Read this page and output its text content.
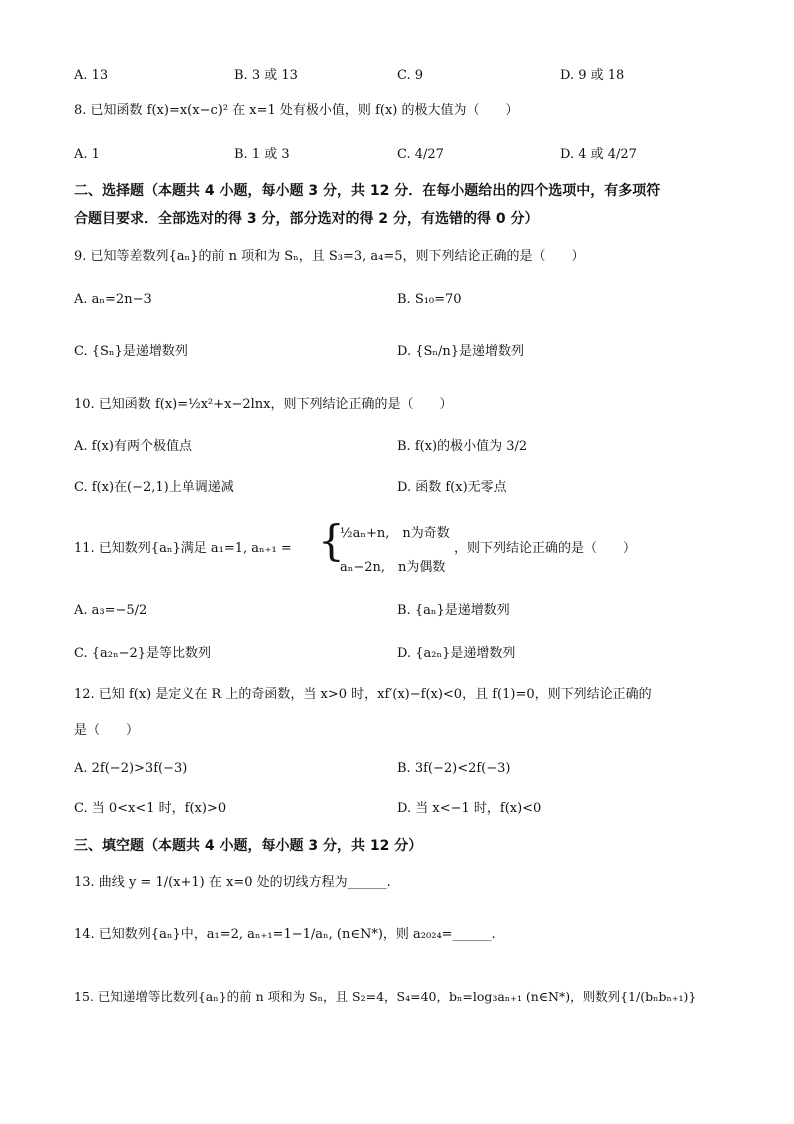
A. 13	B. 3 或 13	C. 9	D. 9 或 18
8. 已知函数 f(x)=x(x−c)² 在 x=1 处有极小值，则 f(x) 的极大值为（　　）
A. 1	B. 1 或 3	C. 4/27	D. 4 或 4/27
二、选择题（本题共 4 小题，每小题 3 分，共 12 分．在每小题给出的四个选项中，有多项符
合题目要求．全部选对的得 3 分，部分选对的得 2 分，有选错的得 0 分）
9. 已知等差数列{aₙ}的前 n 项和为 Sₙ，且 S₃=3, a₄=5，则下列结论正确的是（　　）
A. aₙ=2n−3	B. S₁₀=70
C. {Sₙ}是递增数列	D. {Sₙ/n}是递增数列
10. 已知函数 f(x)=½x²+x−2lnx，则下列结论正确的是（　　）
A. f(x)有两个极值点	B. f(x)的极小值为 3/2
C. f(x)在(−2,1)上单调递减	D. 函数 f(x)无零点
11. 已知数列{aₙ}满足 a₁=1, aₙ₊₁ = {
½aₙ+n,　n为奇数
aₙ−2n,　n为偶数
，则下列结论正确的是（　　）
A. a₃=−5/2	B. {aₙ}是递增数列
C. {a₂ₙ−2}是等比数列	D. {a₂ₙ}是递增数列
12. 已知 f(x) 是定义在 R 上的奇函数，当 x>0 时，xf′(x)−f(x)<0，且 f(1)=0，则下列结论正确的
是（　　）
A. 2f(−2)>3f(−3)	B. 3f(−2)<2f(−3)
C. 当 0<x<1 时，f(x)>0	D. 当 x<−1 时，f(x)<0
三、填空题（本题共 4 小题，每小题 3 分，共 12 分）
13. 曲线 y = 1/(x+1) 在 x=0 处的切线方程为______.
14. 已知数列{aₙ}中，a₁=2, aₙ₊₁=1−1/aₙ, (n∈N*)，则 a₂₀₂₄=______.
15. 已知递增等比数列{aₙ}的前 n 项和为 Sₙ，且 S₂=4，S₄=40，bₙ=log₃aₙ₊₁ (n∈N*)，则数列{1/(bₙbₙ₊₁)}
